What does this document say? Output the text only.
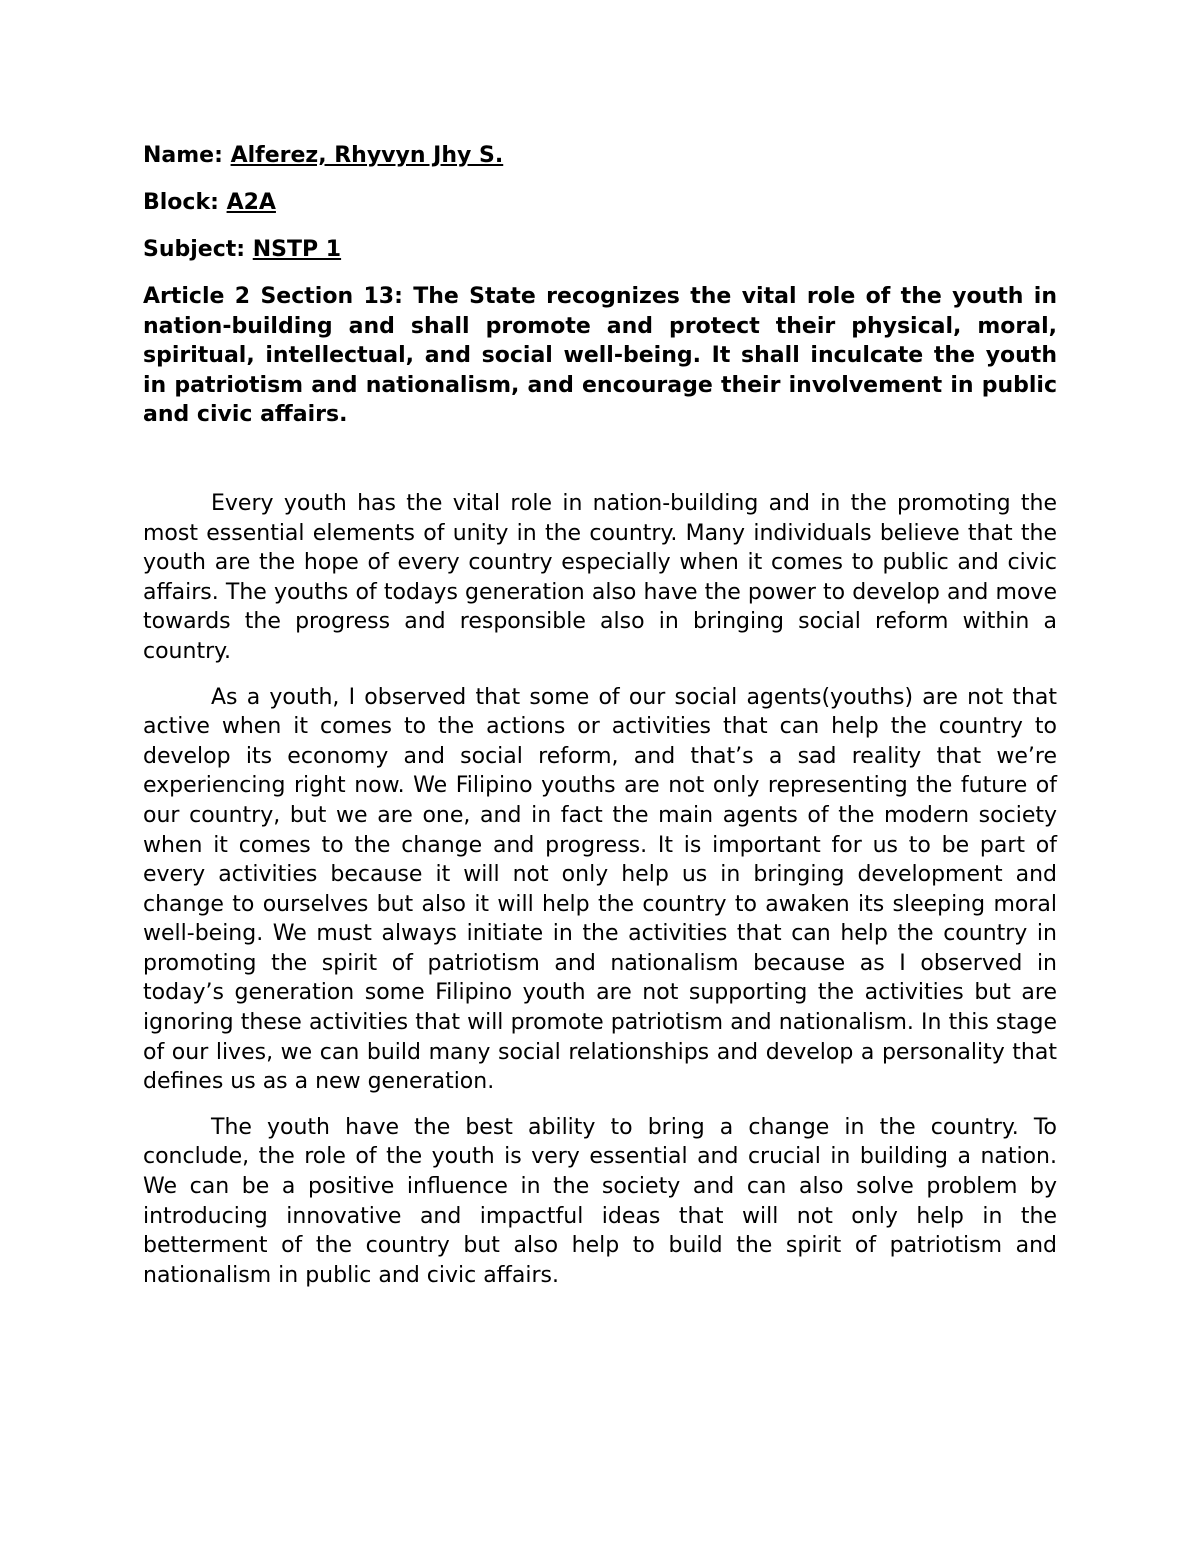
Name: Alferez, Rhyvyn Jhy S.

Block: A2A

Subject: NSTP 1

Article 2 Section 13: The State recognizes the vital role of the youth in nation-building and shall promote and protect their physical, moral, spiritual, intellectual, and social well-being. It shall inculcate the youth in patriotism and nationalism, and encourage their involvement in public and civic affairs.

Every youth has the vital role in nation-building and in the promoting the most essential elements of unity in the country. Many individuals believe that the youth are the hope of every country especially when it comes to public and civic affairs. The youths of todays generation also have the power to develop and move towards the progress and responsible also in bringing social reform within a country.

As a youth, I observed that some of our social agents(youths) are not that active when it comes to the actions or activities that can help the country to develop its economy and social reform, and that’s a sad reality that we’re experiencing right now. We Filipino youths are not only representing the future of our country, but we are one, and in fact the main agents of the modern society when it comes to the change and progress. It is important for us to be part of every activities because it will not only help us in bringing development and change to ourselves but also it will help the country to awaken its sleeping moral well-being. We must always initiate in the activities that can help the country in promoting the spirit of patriotism and nationalism because as I observed in today’s generation some Filipino youth are not supporting the activities but are ignoring these activities that will promote patriotism and nationalism. In this stage of our lives, we can build many social relationships and develop a personality that defines us as a new generation.

The youth have the best ability to bring a change in the country. To conclude, the role of the youth is very essential and crucial in building a nation. We can be a positive influence in the society and can also solve problem by introducing innovative and impactful ideas that will not only help in the betterment of the country but also help to build the spirit of patriotism and nationalism in public and civic affairs.
